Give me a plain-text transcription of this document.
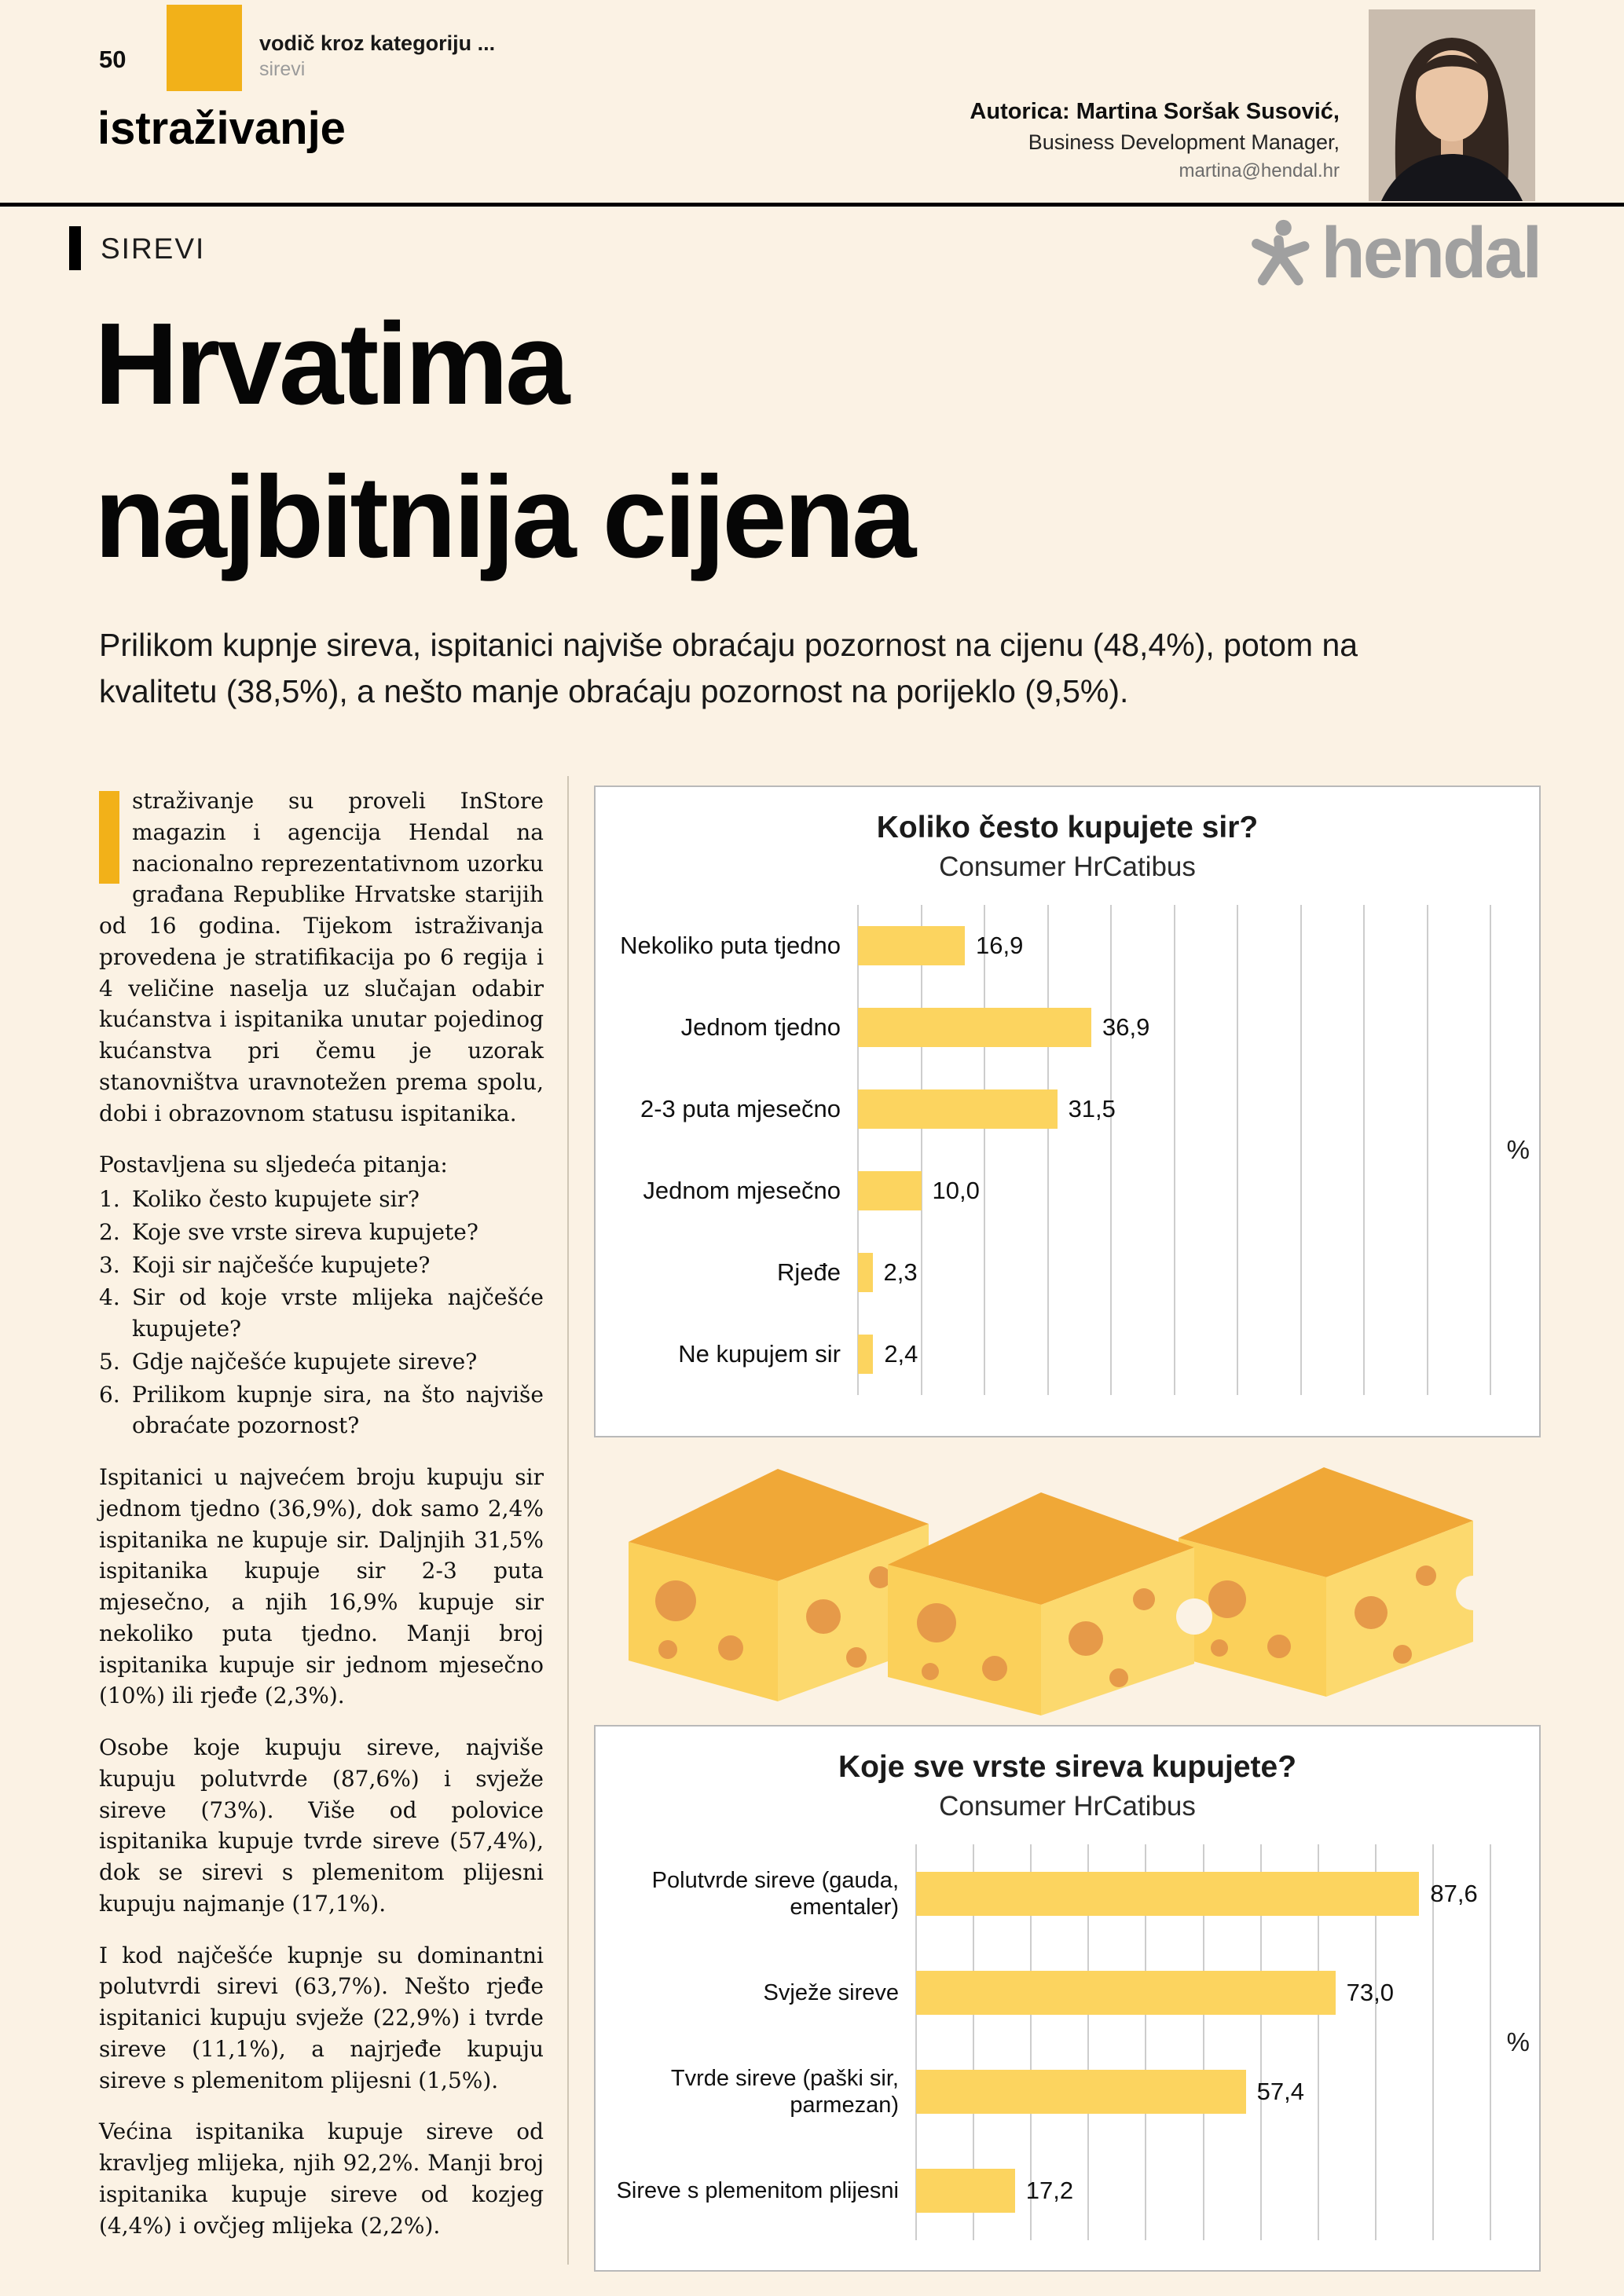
50
vodič kroz kategoriju ...
sirevi
istraživanje	Autorica: Martina Soršak Susović,
Business Development Manager,
martina@hendal.hr
SIREVI	hendal
Hrvatima
najbitnija cijena

Prilikom kupnje sireva, ispitanici najviše obraćaju pozornost na cijenu (48,4%), potom na kvalitetu (38,5%), a nešto manje obraćaju pozornost na porijeklo (9,5%).

straživanje su proveli InStore magazin i agencija Hendal na nacionalno reprezentativnom uzorku građana Republike Hrvatske starijih od 16 godina. Tijekom istraživanja provedena je stratifikacija po 6 regija i 4 veličine naselja uz slučajan odabir kućanstva i ispitanika unutar pojedinog kućanstva pri čemu je uzorak stanovništva uravnotežen prema spolu, dobi i obrazovnom statusu ispitanika.
Postavljena su sljedeća pitanja:
1. Koliko često kupujete sir?
2. Koje sve vrste sireva kupujete?
3. Koji sir najčešće kupujete?
4. Sir od koje vrste mlijeka najčešće kupujete?
5. Gdje najčešće kupujete sireve?
6. Prilikom kupnje sira, na što najviše obraćate pozornost?

Ispitanici u najvećem broju kupuju sir jednom tjedno (36,9%), dok samo 2,4% ispitanika ne kupuje sir. Daljnjih 31,5% ispitanika kupuje sir 2-3 puta mjesečno, a njih 16,9% kupuje sir nekoliko puta tjedno. Manji broj ispitanika kupuje sir jednom mjesečno (10%) ili rjeđe (2,3%).

Osobe koje kupuju sireve, najviše kupuju polutvrde (87,6%) i svježe sireve (73%). Više od polovice ispitanika kupuje tvrde sireve (57,4%), dok se sirevi s plemenitom plijesni kupuju najmanje (17,1%).

I kod najčešće kupnje su dominantni polutvrdi sirevi (63,7%). Nešto rjeđe ispitanici kupuju svježe (22,9%) i tvrde sireve (11,1%), a najrjeđe kupuju sireve s plemenitom plijesni (1,5%).

Većina ispitanika kupuje sireve od kravljeg mlijeka, njih 92,2%. Manji broj ispitanika kupuje sireve od kozjeg (4,4%) i ovčjeg mlijeka (2,2%).

Koliko često kupujete sir?
Consumer HrCatibus
Nekoliko puta tjedno
Jednom tjedno
2-3 puta mjesečno
Jednom mjesečno
Rjeđe
Ne kupujem sir
16,9
36,9
31,5
10,0
2,3
2,4
%
Koje sve vrste sireva kupujete?
Consumer HrCatibus
Polutvrde sireve (gauda, ementaler)
Svježe sireve
Tvrde sireve (paški sir, parmezan)
Sireve s plemenitom plijesni
87,6
73,0
57,4
17,2
%
